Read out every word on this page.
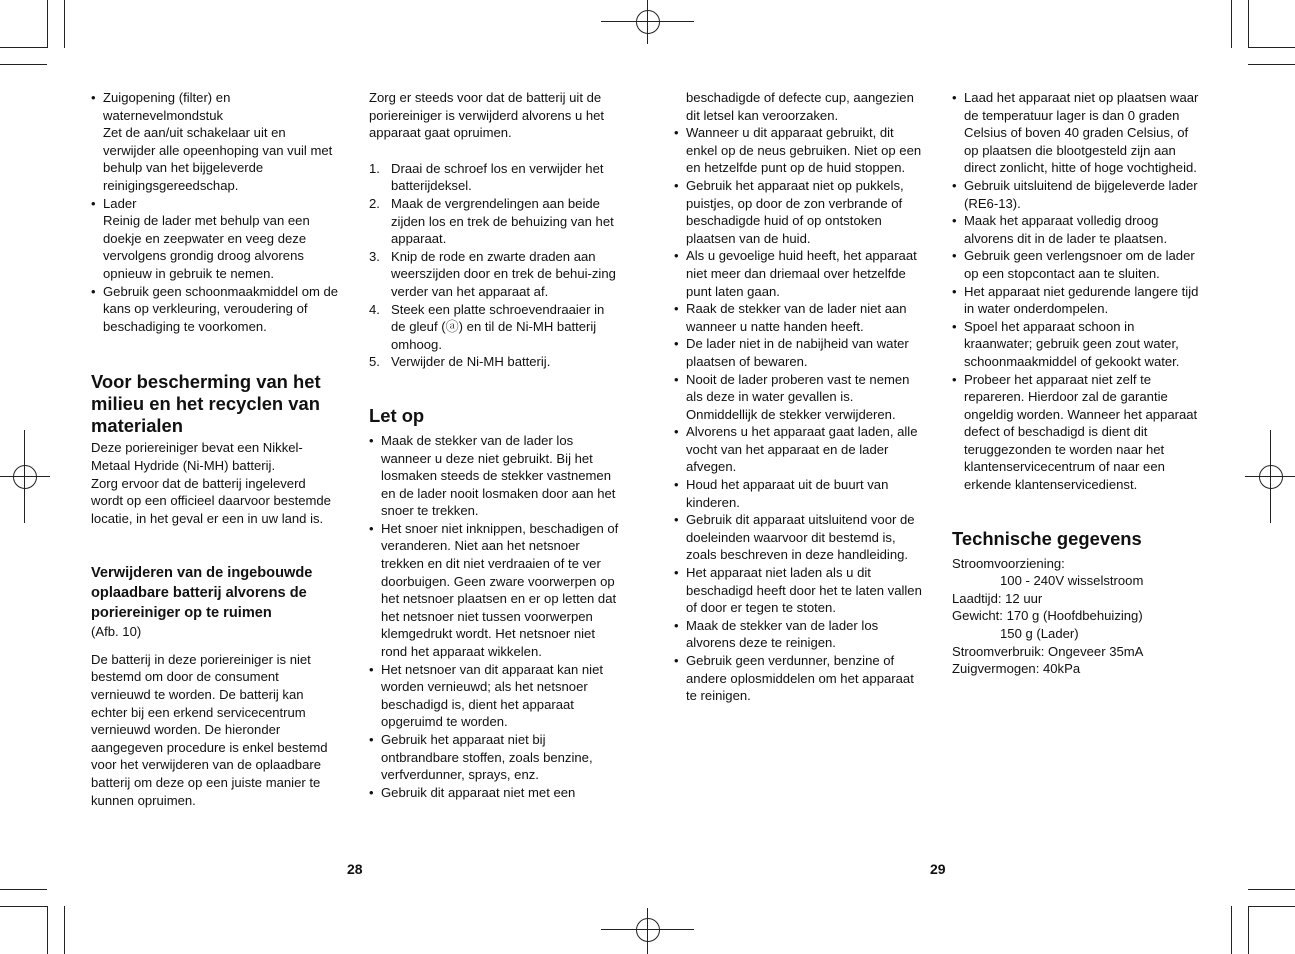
• Zuigopening (filter) en waternevelmondstuk
Zet de aan/uit schakelaar uit en verwijder alle opeenhoping van vuil met behulp van het bijgeleverde reinigingsgereedschap.
• Lader
Reinig de lader met behulp van een doekje en zeepwater en veeg deze vervolgens grondig droog alvorens opnieuw in gebruik te nemen.
• Gebruik geen schoonmaakmiddel om de kans op verkleuring, veroudering of beschadiging te voorkomen.
Voor bescherming van het milieu en het recyclen van materialen

Deze poriereiniger bevat een Nikkel-Metaal Hydride (Ni-MH) batterij.
Zorg ervoor dat de batterij ingeleverd wordt op een officieel daarvoor bestemde locatie, in het geval er een in uw land is.

Verwijderen van de ingebouwde oplaadbare batterij alvorens de poriereiniger op te ruimen

(Afb. 10)

De batterij in deze poriereiniger is niet bestemd om door de consument vernieuwd te worden. De batterij kan echter bij een erkend servicecentrum vernieuwd worden. De hieronder aangegeven procedure is enkel bestemd voor het verwijderen van de oplaadbare batterij om deze op een juiste manier te kunnen opruimen.

Zorg er steeds voor dat de batterij uit de poriereiniger is verwijderd alvorens u het apparaat gaat opruimen.

1. Draai de schroef los en verwijder het batterijdeksel.
2. Maak de vergrendelingen aan beide zijden los en trek de behuizing van het apparaat.
3. Knip de rode en zwarte draden aan weerszijden door en trek de behui-zing verder van het apparaat af.
4. Steek een platte schroevendraaier in de gleuf (ⓐ) en til de Ni-MH batterij omhoog.
5. Verwijder de Ni-MH batterij.
Let op
• Maak de stekker van de lader los wanneer u deze niet gebruikt. Bij het losmaken steeds de stekker vastnemen en de lader nooit losmaken door aan het snoer te trekken.
• Het snoer niet inknippen, beschadigen of veranderen. Niet aan het netsnoer trekken en dit niet verdraaien of te ver doorbuigen. Geen zware voorwerpen op het netsnoer plaatsen en er op letten dat het netsnoer niet tussen voorwerpen klemgedrukt wordt. Het netsnoer niet rond het apparaat wikkelen.
• Het netsnoer van dit apparaat kan niet worden vernieuwd; als het netsnoer beschadigd is, dient het apparaat opgeruimd te worden.
• Gebruik het apparaat niet bij ontbrandbare stoffen, zoals benzine, verfverdunner, sprays, enz.
• Gebruik dit apparaat niet met een
beschadigde of defecte cup, aangezien dit letsel kan veroorzaken.
• Wanneer u dit apparaat gebruikt, dit enkel op de neus gebruiken. Niet op een en hetzelfde punt op de huid stoppen.
• Gebruik het apparaat niet op pukkels, puistjes, op door de zon verbrande of beschadigde huid of op ontstoken plaatsen van de huid.
• Als u gevoelige huid heeft, het apparaat niet meer dan driemaal over hetzelfde punt laten gaan.
• Raak de stekker van de lader niet aan wanneer u natte handen heeft.
• De lader niet in de nabijheid van water plaatsen of bewaren.
• Nooit de lader proberen vast te nemen als deze in water gevallen is. Onmiddellijk de stekker verwijderen.
• Alvorens u het apparaat gaat laden, alle vocht van het apparaat en de lader afvegen.
• Houd het apparaat uit de buurt van kinderen.
• Gebruik dit apparaat uitsluitend voor de doeleinden waarvoor dit bestemd is, zoals beschreven in deze handleiding.
• Het apparaat niet laden als u dit beschadigd heeft door het te laten vallen of door er tegen te stoten.
• Maak de stekker van de lader los alvorens deze te reinigen.
• Gebruik geen verdunner, benzine of andere oplosmiddelen om het apparaat te reinigen.
• Laad het apparaat niet op plaatsen waar de temperatuur lager is dan 0 graden Celsius of boven 40 graden Celsius, of op plaatsen die blootgesteld zijn aan direct zonlicht, hitte of hoge vochtigheid.
• Gebruik uitsluitend de bijgeleverde lader (RE6-13).
• Maak het apparaat volledig droog alvorens dit in de lader te plaatsen.
• Gebruik geen verlengsnoer om de lader op een stopcontact aan te sluiten.
• Het apparaat niet gedurende langere tijd in water onderdompelen.
• Spoel het apparaat schoon in kraanwater; gebruik geen zout water, schoonmaakmiddel of gekookt water.
• Probeer het apparaat niet zelf te repareren. Hierdoor zal de garantie ongeldig worden. Wanneer het apparaat defect of beschadigd is dient dit teruggezonden te worden naar het klantenservicecentrum of naar een erkende klantenservicedienst.
Technische gegevens

Stroomvoorziening:

100 - 240V wisselstroom

Laadtijd: 12 uur

Gewicht: 170 g (Hoofdbehuizing)

150 g (Lader)

Stroomverbruik: Ongeveer 35mA

Zuigvermogen: 40kPa

28	29
